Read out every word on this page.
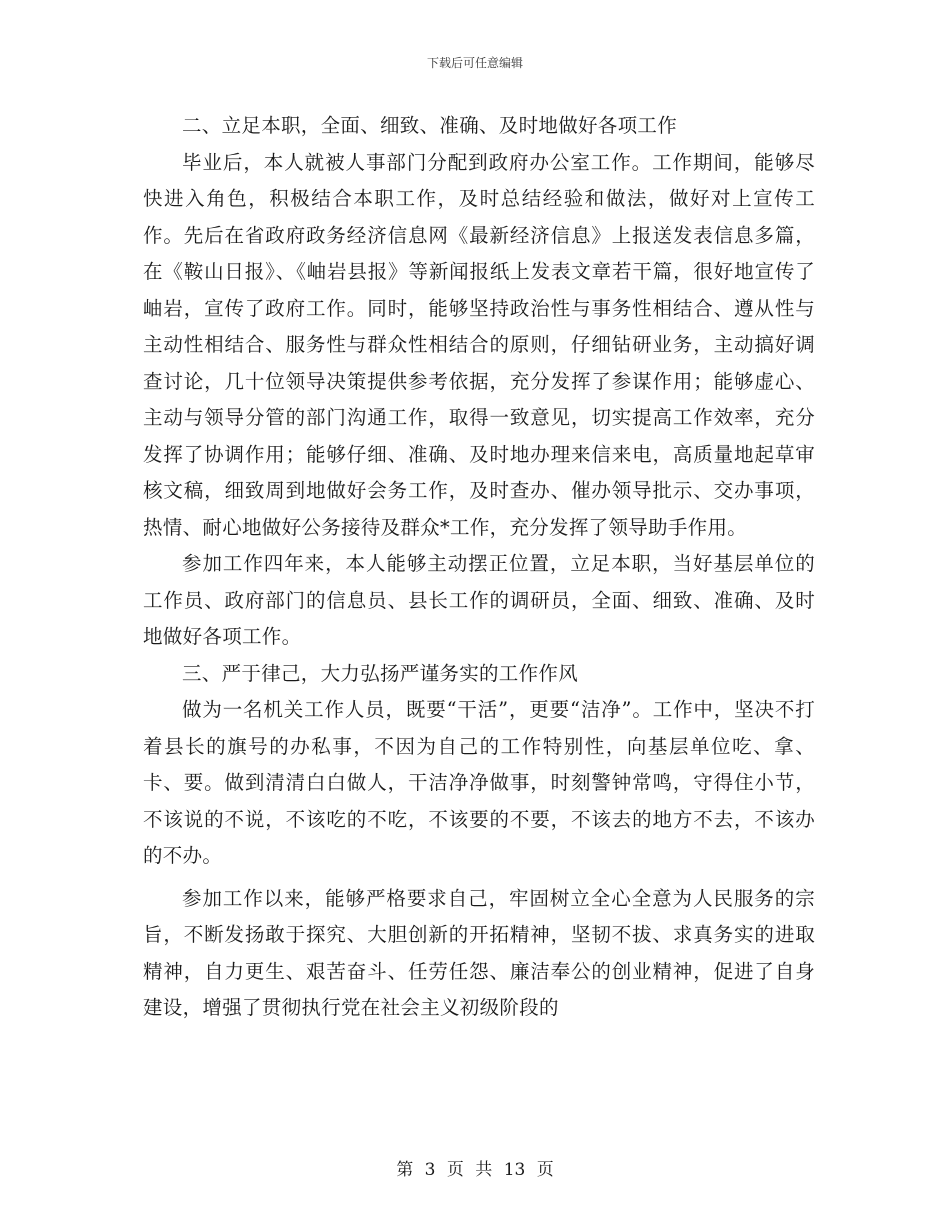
下载后可任意编辑

二、立足本职，全面、细致、准确、及时地做好各项工作

毕业后，本人就被人事部门分配到政府办公室工作。工作期间，能够尽快进入角色，积极结合本职工作，及时总结经验和做法，做好对上宣传工作。先后在省政府政务经济信息网《最新经济信息》上报送发表信息多篇，在《鞍山日报》、《岫岩县报》等新闻报纸上发表文章若干篇，很好地宣传了岫岩，宣传了政府工作。同时，能够坚持政治性与事务性相结合、遵从性与主动性相结合、服务性与群众性相结合的原则，仔细钻研业务，主动搞好调查讨论，几十位领导决策提供参考依据，充分发挥了参谋作用；能够虚心、主动与领导分管的部门沟通工作，取得一致意见，切实提高工作效率，充分发挥了协调作用；能够仔细、准确、及时地办理来信来电，高质量地起草审核文稿，细致周到地做好会务工作，及时查办、催办领导批示、交办事项，热情、耐心地做好公务接待及群众*工作，充分发挥了领导助手作用。

参加工作四年来，本人能够主动摆正位置，立足本职，当好基层单位的工作员、政府部门的信息员、县长工作的调研员，全面、细致、准确、及时地做好各项工作。

三、严于律己，大力弘扬严谨务实的工作作风

做为一名机关工作人员，既要“干活”，更要“洁净”。工作中，坚决不打着县长的旗号的办私事，不因为自己的工作特别性，向基层单位吃、拿、卡、要。做到清清白白做人，干洁净净做事，时刻警钟常鸣，守得住小节，不该说的不说，不该吃的不吃，不该要的不要，不该去的地方不去，不该办的不办。

参加工作以来，能够严格要求自己，牢固树立全心全意为人民服务的宗旨，不断发扬敢于探究、大胆创新的开拓精神，坚韧不拔、求真务实的进取精神，自力更生、艰苦奋斗、任劳任怨、廉洁奉公的创业精神，促进了自身建设，增强了贯彻执行党在社会主义初级阶段的

第 3 页 共 13 页
